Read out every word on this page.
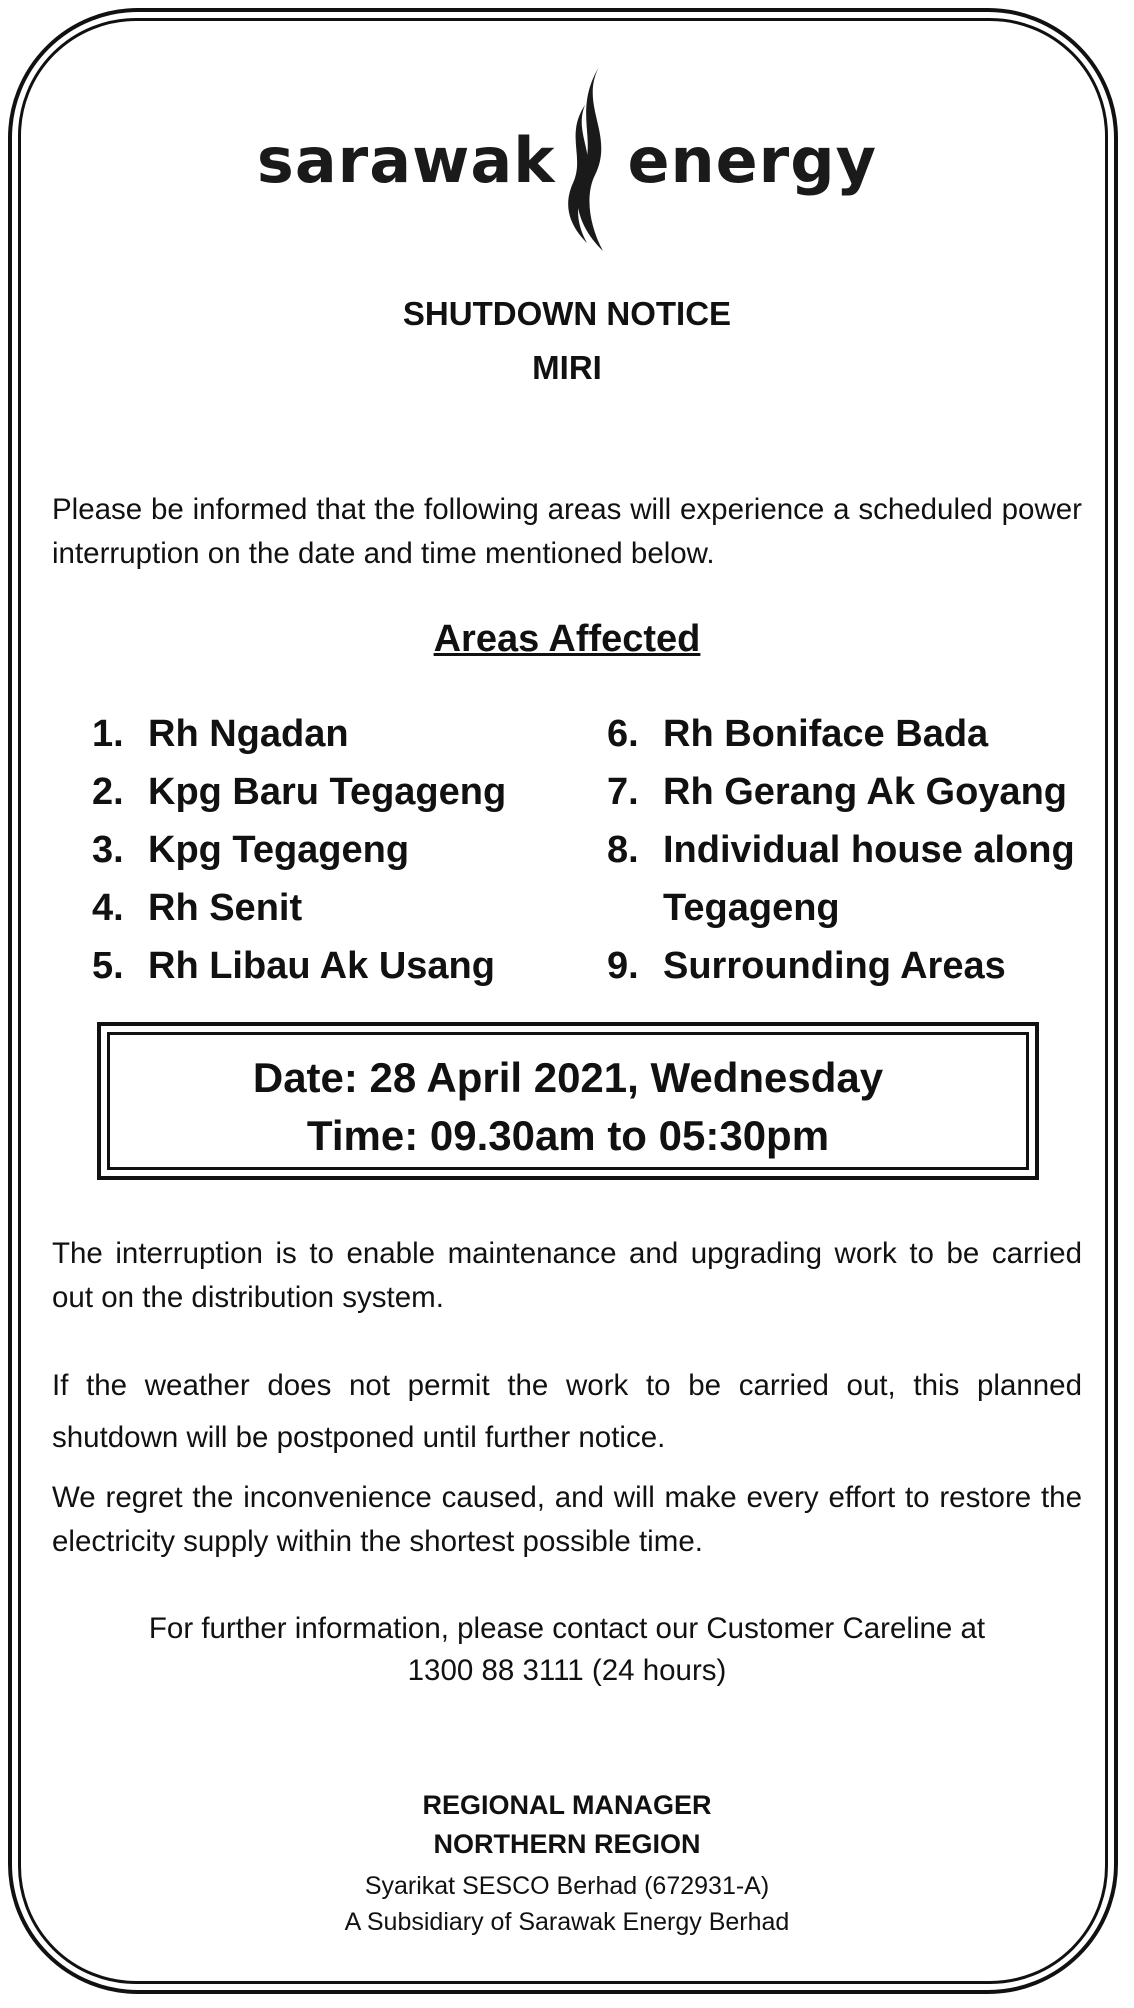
sarawak energy
SHUTDOWN NOTICE
MIRI
Please be informed that the following areas will experience a scheduled power interruption on the date and time mentioned below.
Areas Affected
1. Rh Ngadan
2. Kpg Baru Tegageng
3. Kpg Tegageng
4. Rh Senit
5. Rh Libau Ak Usang
6. Rh Boniface Bada
7. Rh Gerang Ak Goyang
8. Individual house along Tegageng
9. Surrounding Areas
Date: 28 April 2021, Wednesday
Time: 09.30am to 05:30pm
The interruption is to enable maintenance and upgrading work to be carried out on the distribution system.
If the weather does not permit the work to be carried out, this planned shutdown will be postponed until further notice.
We regret the inconvenience caused, and will make every effort to restore the electricity supply within the shortest possible time.
For further information, please contact our Customer Careline at
1300 88 3111 (24 hours)
REGIONAL MANAGER
NORTHERN REGION
Syarikat SESCO Berhad (672931-A)
A Subsidiary of Sarawak Energy Berhad
